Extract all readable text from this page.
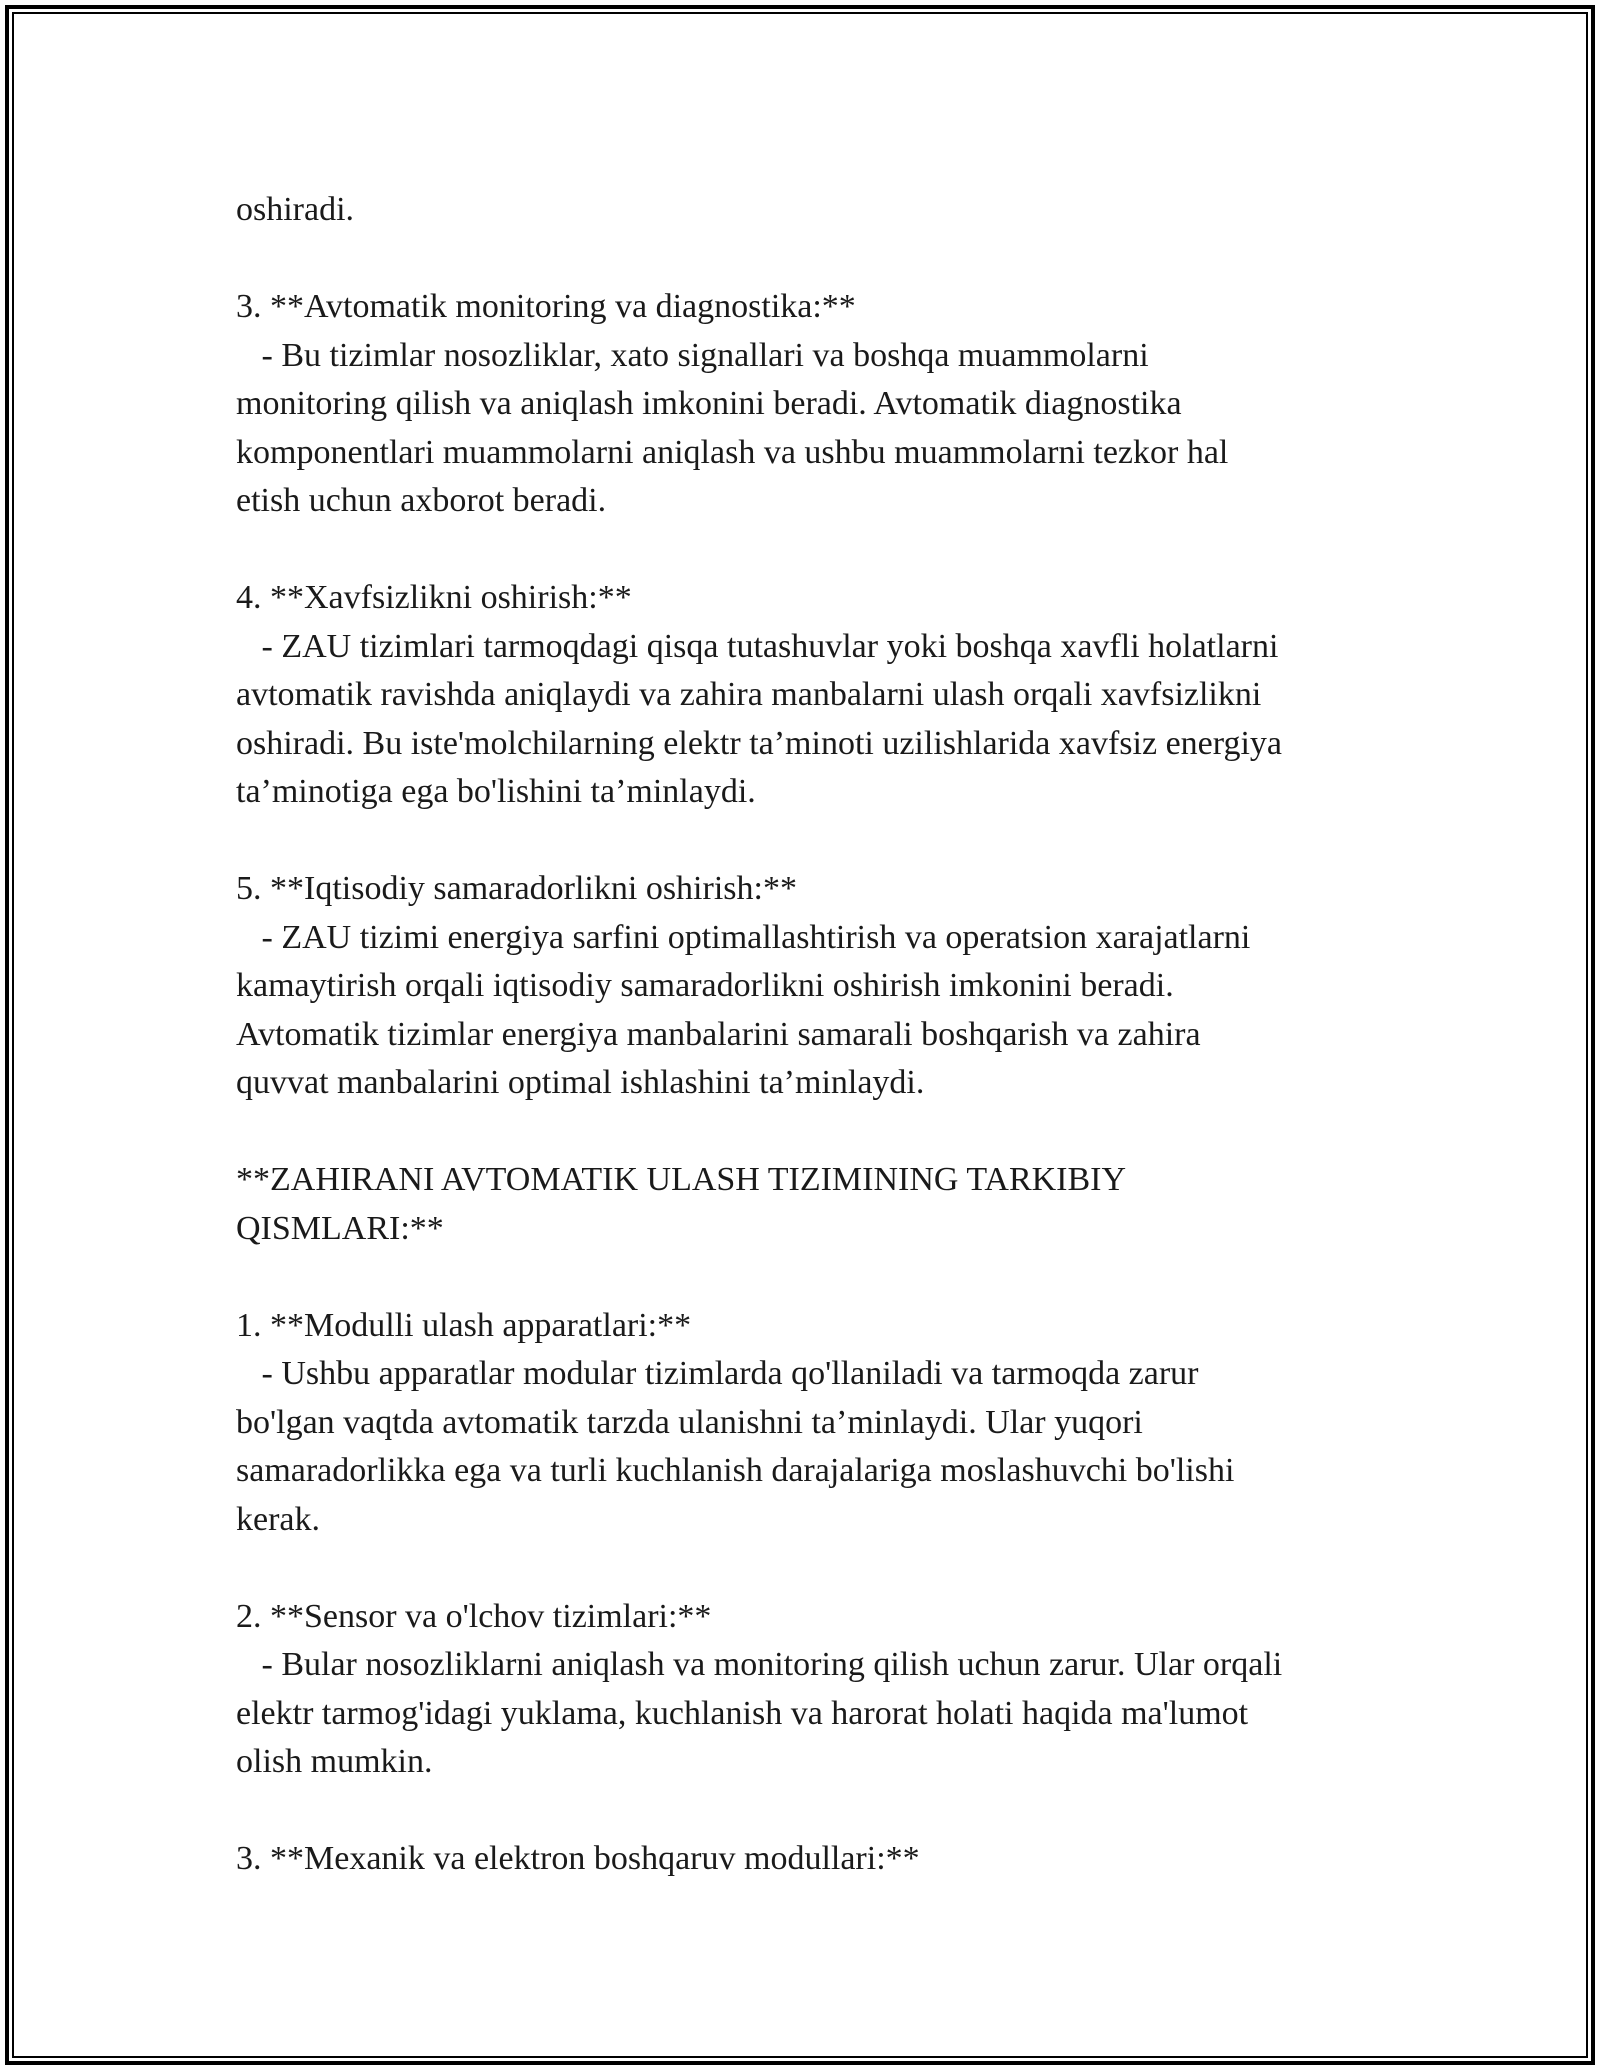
oshiradi.

3. **Avtomatik monitoring va diagnostika:**

- Bu tizimlar nosozliklar, xato signallari va boshqa muammolarni

monitoring qilish va aniqlash imkonini beradi. Avtomatik diagnostika

komponentlari muammolarni aniqlash va ushbu muammolarni tezkor hal

etish uchun axborot beradi.

4. **Xavfsizlikni oshirish:**

- ZAU tizimlari tarmoqdagi qisqa tutashuvlar yoki boshqa xavfli holatlarni

avtomatik ravishda aniqlaydi va zahira manbalarni ulash orqali xavfsizlikni

oshiradi. Bu iste'molchilarning elektr ta’minoti uzilishlarida xavfsiz energiya

ta’minotiga ega bo'lishini ta’minlaydi.

5. **Iqtisodiy samaradorlikni oshirish:**

- ZAU tizimi energiya sarfini optimallashtirish va operatsion xarajatlarni

kamaytirish orqali iqtisodiy samaradorlikni oshirish imkonini beradi.

Avtomatik tizimlar energiya manbalarini samarali boshqarish va zahira

quvvat manbalarini optimal ishlashini ta’minlaydi.

**ZAHIRANI AVTOMATIK ULASH TIZIMINING TARKIBIY

QISMLARI:**

1. **Modulli ulash apparatlari:**

- Ushbu apparatlar modular tizimlarda qo'llaniladi va tarmoqda zarur

bo'lgan vaqtda avtomatik tarzda ulanishni ta’minlaydi. Ular yuqori

samaradorlikka ega va turli kuchlanish darajalariga moslashuvchi bo'lishi

kerak.

2. **Sensor va o'lchov tizimlari:**

- Bular nosozliklarni aniqlash va monitoring qilish uchun zarur. Ular orqali

elektr tarmog'idagi yuklama, kuchlanish va harorat holati haqida ma'lumot

olish mumkin.

3. **Mexanik va elektron boshqaruv modullari:**
